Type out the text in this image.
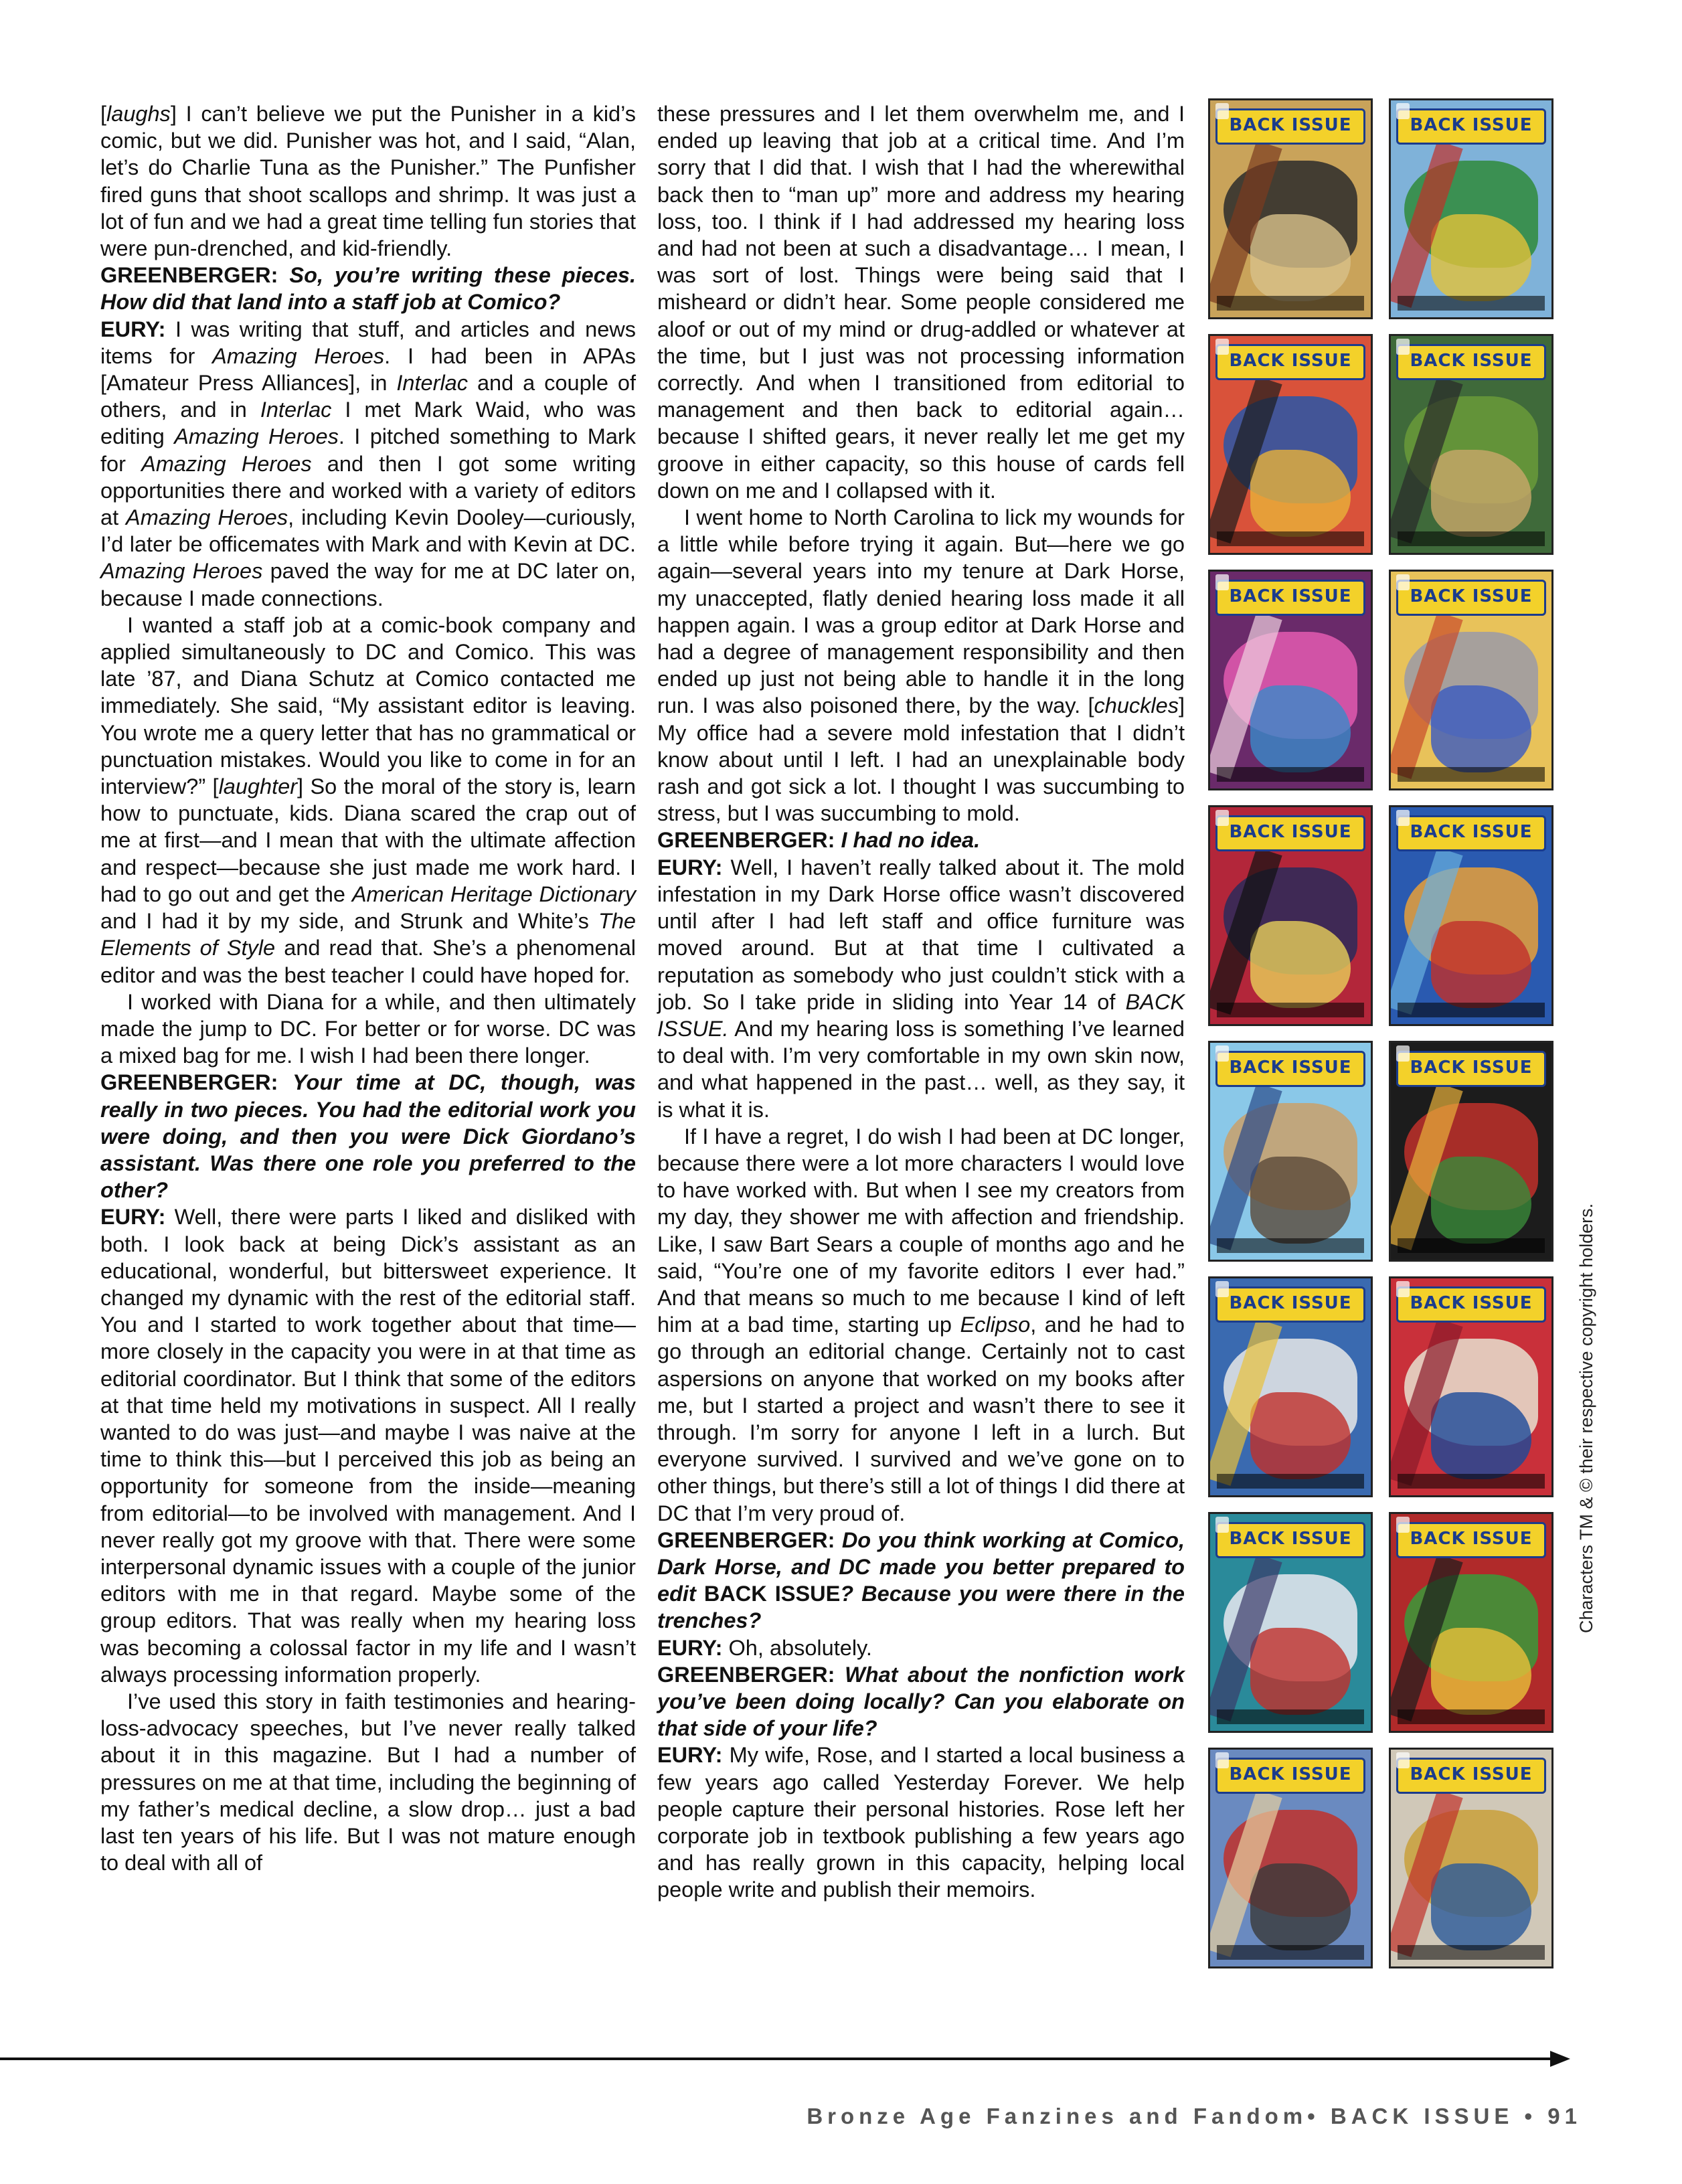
[laughs] I can’t believe we put the Punisher in a kid’s comic, but we did. Punisher was hot, and I said, “Alan, let’s do Charlie Tuna as the Punisher.” The Punfisher fired guns that shoot scallops and shrimp. It was just a lot of fun and we had a great time telling fun stories that were pun-drenched, and kid-friendly.

GREENBERGER: So, you’re writing these pieces. How did that land into a staff job at Comico?

EURY: I was writing that stuff, and articles and news items for Amazing Heroes. I had been in APAs [Amateur Press Alliances], in Interlac and a couple of others, and in Interlac I met Mark Waid, who was editing Amazing Heroes. I pitched something to Mark for Amazing Heroes and then I got some writing opportunities there and worked with a variety of editors at Amazing Heroes, including Kevin Dooley—curiously, I’d later be officemates with Mark and with Kevin at DC. Amazing Heroes paved the way for me at DC later on, because I made connections.

I wanted a staff job at a comic-book company and applied simultaneously to DC and Comico. This was late ’87, and Diana Schutz at Comico contacted me immediately. She said, “My assistant editor is leaving. You wrote me a query letter that has no grammatical or punctuation mistakes. Would you like to come in for an interview?” [laughter] So the moral of the story is, learn how to punctuate, kids. Diana scared the crap out of me at first—and I mean that with the ultimate affection and respect—because she just made me work hard. I had to go out and get the American Heritage Dictionary and I had it by my side, and Strunk and White’s The Elements of Style and read that. She’s a phenomenal editor and was the best teacher I could have hoped for.

I worked with Diana for a while, and then ultimately made the jump to DC. For better or for worse. DC was a mixed bag for me. I wish I had been there longer.

GREENBERGER: Your time at DC, though, was really in two pieces. You had the editorial work you were doing, and then you were Dick Giordano’s assistant. Was there one role you preferred to the other?

EURY: Well, there were parts I liked and disliked with both. I look back at being Dick’s assistant as an educational, wonderful, but bittersweet experience. It changed my dynamic with the rest of the editorial staff. You and I started to work together about that time—more closely in the capacity you were in at that time as editorial coordinator. But I think that some of the editors at that time held my motivations in suspect. All I really wanted to do was just—and maybe I was naive at the time to think this—but I perceived this job as being an opportunity for someone from the inside—meaning from editorial—to be involved with management. And I never really got my groove with that. There were some interpersonal dynamic issues with a couple of the junior editors with me in that regard. Maybe some of the group editors. That was really when my hearing loss was becoming a colossal factor in my life and I wasn’t always processing information properly.

I’ve used this story in faith testimonies and hearing-loss-advocacy speeches, but I’ve never really talked about it in this magazine. But I had a number of pressures on me at that time, including the beginning of my father’s medical decline, a slow drop… just a bad last ten years of his life. But I was not mature enough to deal with all of

these pressures and I let them overwhelm me, and I ended up leaving that job at a critical time. And I’m sorry that I did that. I wish that I had the wherewithal back then to “man up” more and address my hearing loss, too. I think if I had addressed my hearing loss and had not been at such a disadvantage… I mean, I was sort of lost. Things were being said that I misheard or didn’t hear. Some people considered me aloof or out of my mind or drug-addled or whatever at the time, but I just was not processing information correctly. And when I transitioned from editorial to management and then back to editorial again… because I shifted gears, it never really let me get my groove in either capacity, so this house of cards fell down on me and I collapsed with it.

I went home to North Carolina to lick my wounds for a little while before trying it again. But—here we go again—several years into my tenure at Dark Horse, my unaccepted, flatly denied hearing loss made it all happen again. I was a group editor at Dark Horse and had a degree of management responsibility and then ended up just not being able to handle it in the long run. I was also poisoned there, by the way. [chuckles] My office had a severe mold infestation that I didn’t know about until I left. I had an unexplainable body rash and got sick a lot. I thought I was succumbing to stress, but I was succumbing to mold.

GREENBERGER: I had no idea.

EURY: Well, I haven’t really talked about it. The mold infestation in my Dark Horse office wasn’t discovered until after I had left staff and office furniture was moved around. But at that time I cultivated a reputation as somebody who just couldn’t stick with a job. So I take pride in sliding into Year 14 of BACK ISSUE. And my hearing loss is something I’ve learned to deal with. I’m very comfortable in my own skin now, and what happened in the past… well, as they say, it is what it is.

If I have a regret, I do wish I had been at DC longer, because there were a lot more characters I would love to have worked with. But when I see my creators from my day, they shower me with affection and friendship. Like, I saw Bart Sears a couple of months ago and he said, “You’re one of my favorite editors I ever had.” And that means so much to me because I kind of left him at a bad time, starting up Eclipso, and he had to go through an editorial change. Certainly not to cast aspersions on anyone that worked on my books after me, but I started a project and wasn’t there to see it through. I’m sorry for anyone I left in a lurch. But everyone survived. I survived and we’ve gone on to other things, but there’s still a lot of things I did there at DC that I’m very proud of.

GREENBERGER: Do you think working at Comico, Dark Horse, and DC made you better prepared to edit BACK ISSUE? Because you were there in the trenches?

EURY: Oh, absolutely.

GREENBERGER: What about the nonfiction work you’ve been doing locally? Can you elaborate on that side of your life?

EURY: My wife, Rose, and I started a local business a few years ago called Yesterday Forever. We help people capture their personal histories. Rose left her corporate job in textbook publishing a few years ago and has really grown in this capacity, helping local people write and publish their memoirs.

BACK ISSUE	BACK ISSUE
BACK ISSUE	BACK ISSUE
BACK ISSUE	BACK ISSUE
BACK ISSUE	BACK ISSUE
BACK ISSUE	BACK ISSUE
BACK ISSUE	BACK ISSUE
BACK ISSUE	BACK ISSUE
BACK ISSUE	BACK ISSUE
Characters TM & © their respective copyright holders.
Bronze Age Fanzines and Fandom• BACK ISSUE • 91
